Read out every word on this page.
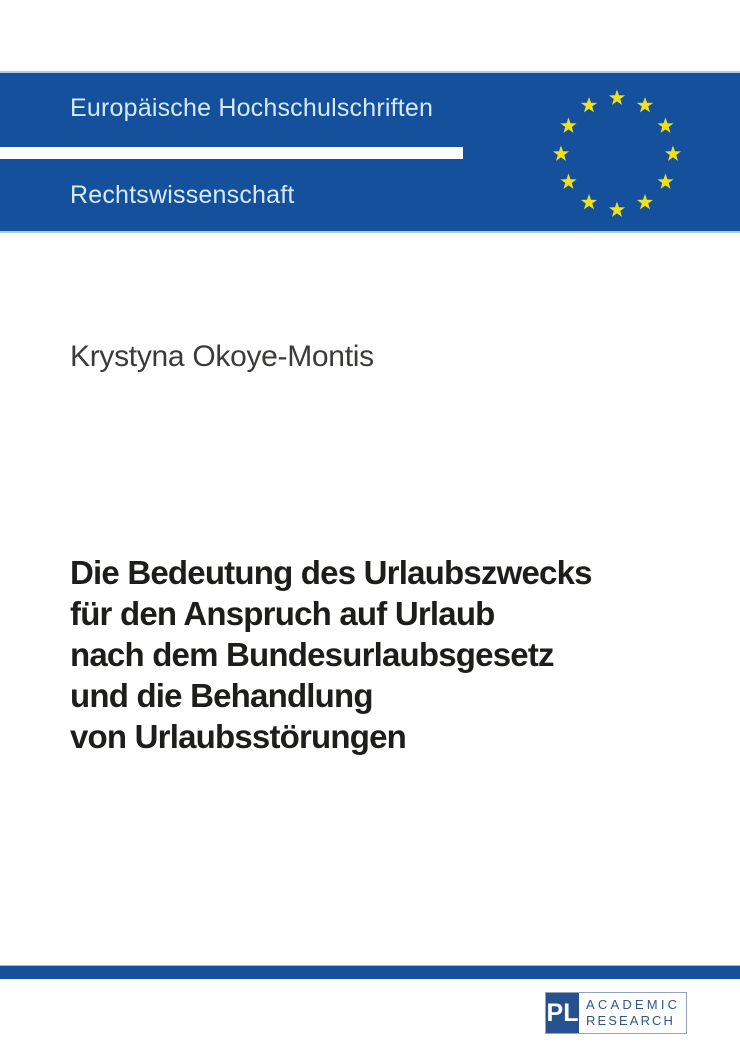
Europäische Hochschulschriften
Rechtswissenschaft
Krystyna Okoye-Montis
Die Bedeutung des Urlaubszwecks
für den Anspruch auf Urlaub
nach dem Bundesurlaubsgesetz
und die Behandlung
von Urlaubsstörungen
PL ACADEMIC
RESEARCH
